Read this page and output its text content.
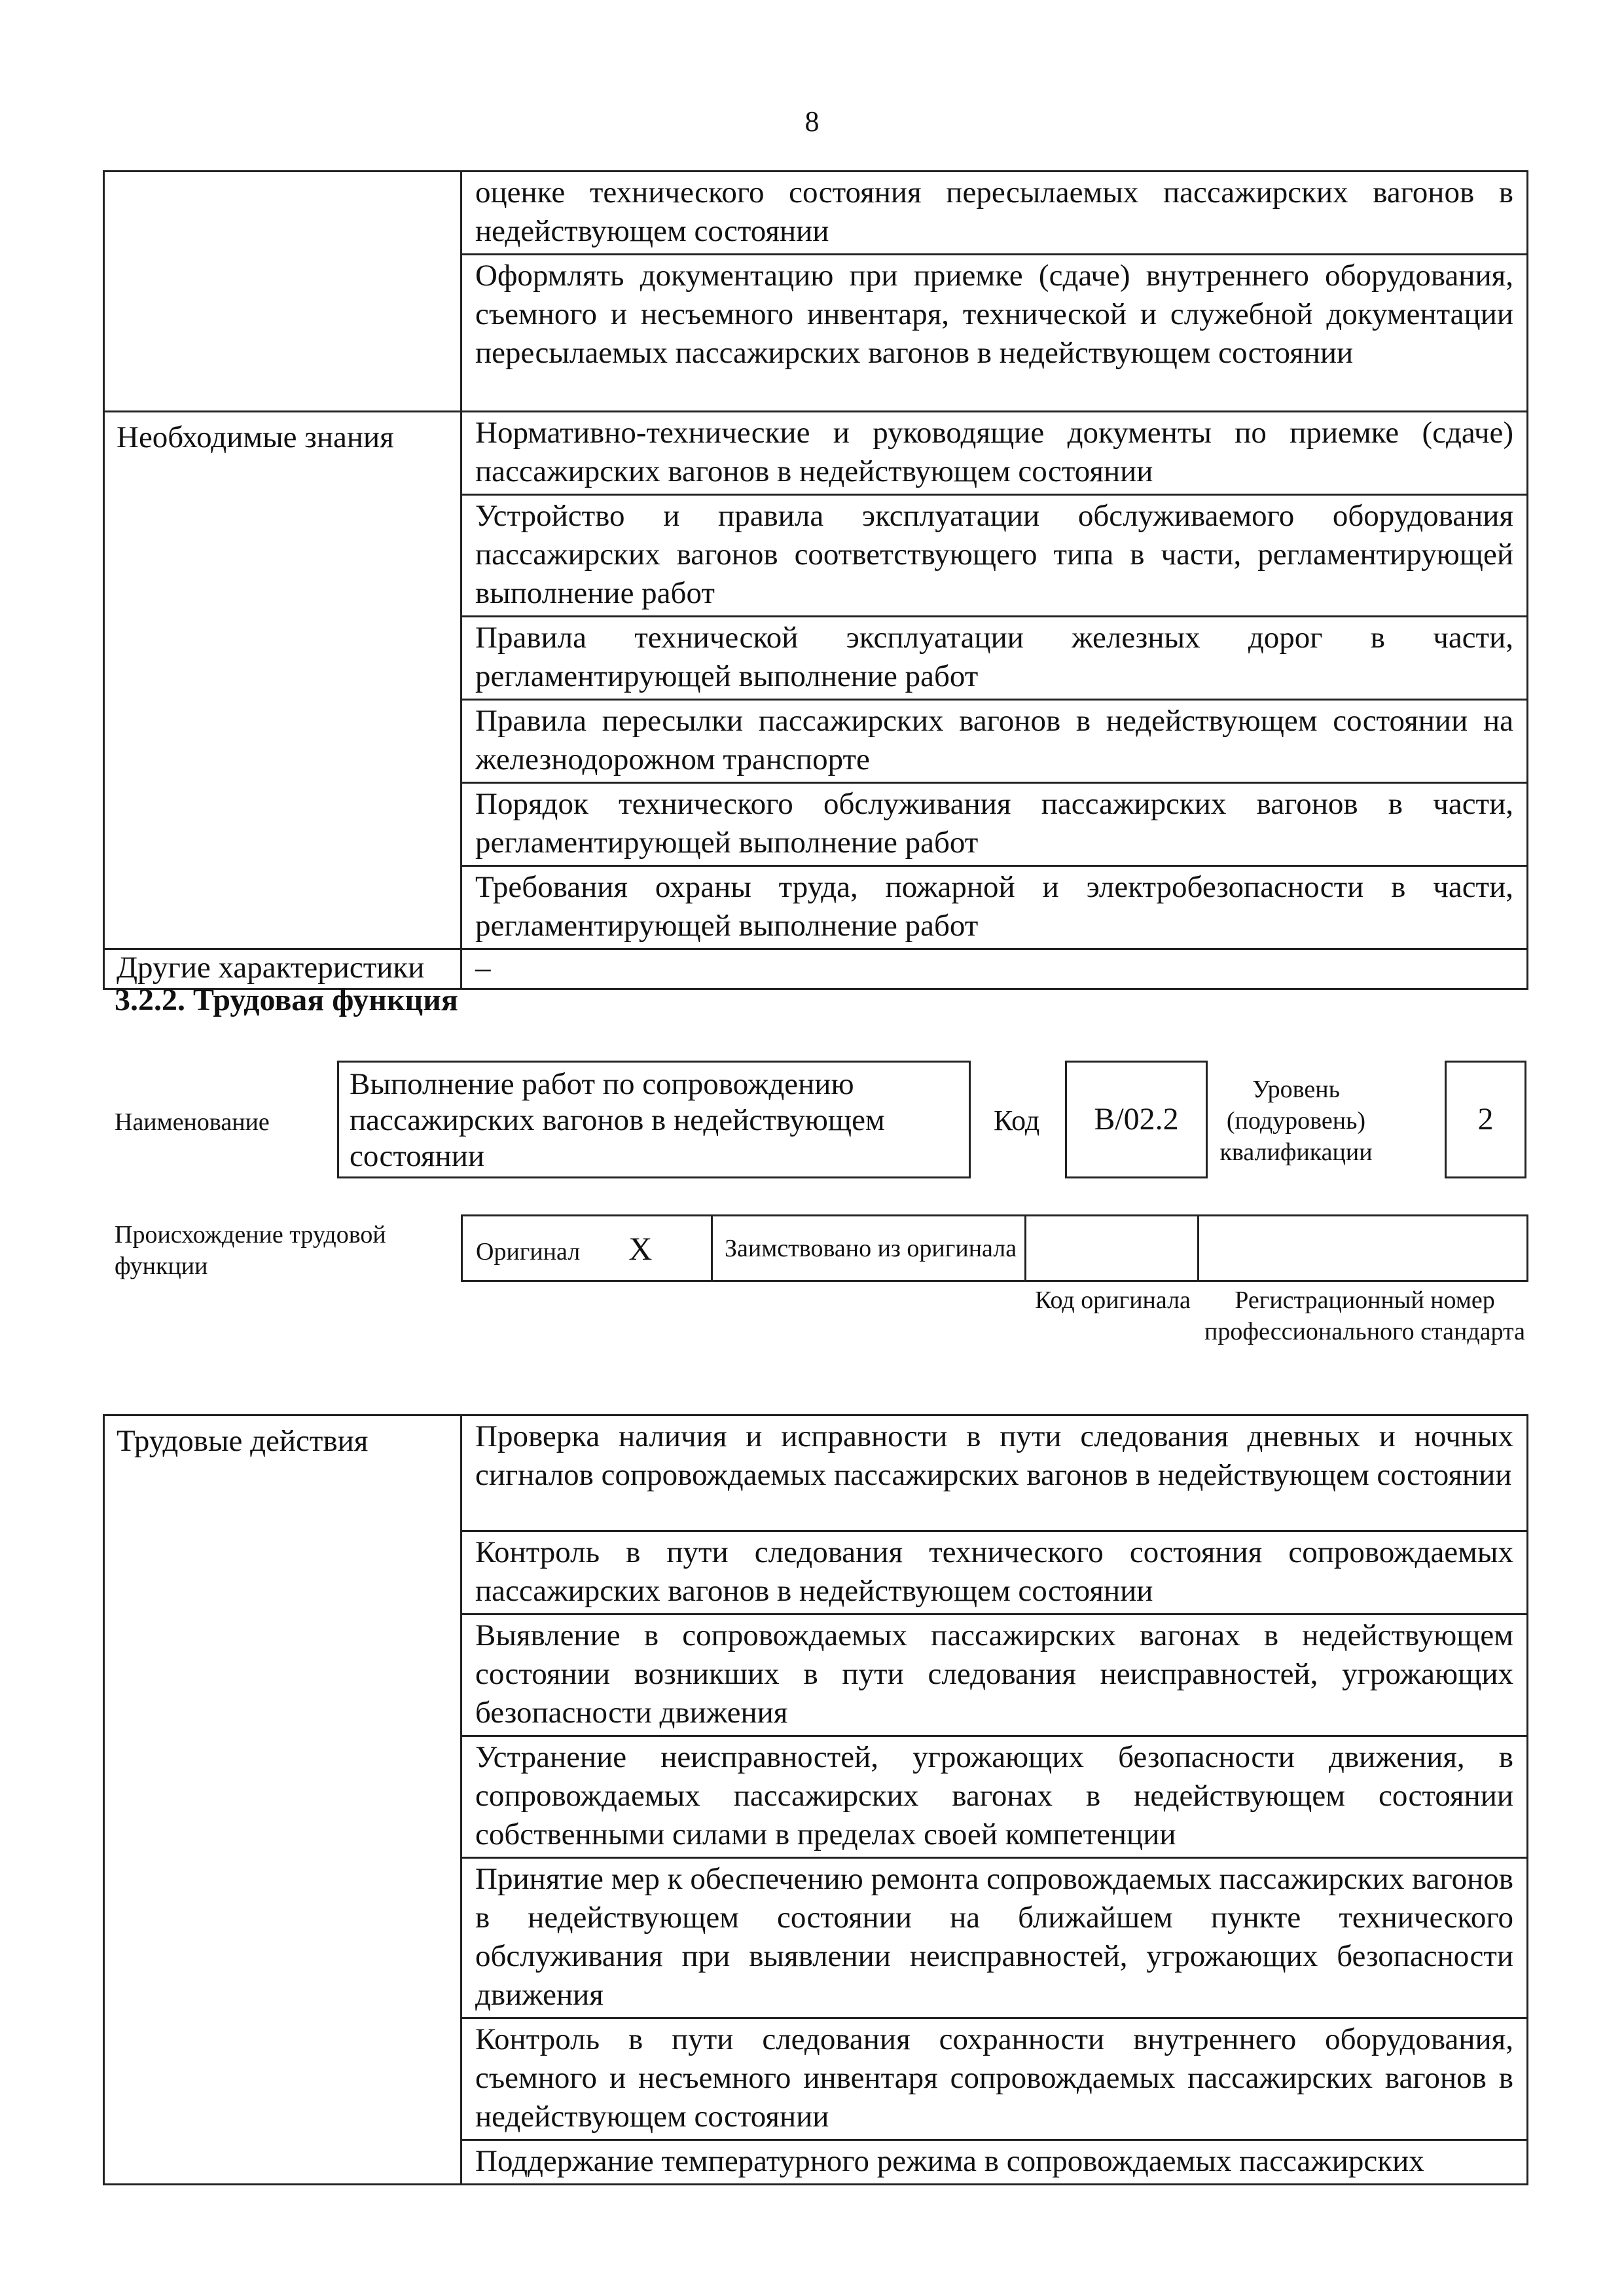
8
	оценке технического состояния пересылаемых пассажирских вагонов в недействующем состоянии
	Оформлять документацию при приемке (сдаче) внутреннего оборудования, съемного и несъемного инвентаря, технической и служебной документации пересылаемых пассажирских вагонов в недействующем состоянии
Необходимые знания	Нормативно-технические и руководящие документы по приемке (сдаче) пассажирских вагонов в недействующем состоянии
	Устройство и правила эксплуатации обслуживаемого оборудования пассажирских вагонов соответствующего типа в части, регламентирующей выполнение работ
	Правила технической эксплуатации железных дорог в части, регламентирующей выполнение работ
	Правила пересылки пассажирских вагонов в недействующем состоянии на железнодорожном транспорте
	Порядок технического обслуживания пассажирских вагонов в части, регламентирующей выполнение работ
	Требования охраны труда, пожарной и электробезопасности в части, регламентирующей выполнение работ
Другие характеристики	–
3.2.2. Трудовая функция
Наименование
Выполнение работ по сопровождению пассажирских вагонов в недействующем состоянии
Код	В/02.2
Уровень (подуровень) квалификации
2
Происхождение трудовой функции
Оригинал X	Заимствовано из оригинала		
Код оригинала	Регистрационный номер профессионального стандарта
Трудовые действия	Проверка наличия и исправности в пути следования дневных и ночных сигналов сопровождаемых пассажирских вагонов в недействующем состоянии
Контроль в пути следования технического состояния сопровождаемых пассажирских вагонов в недействующем состоянии
Выявление в сопровождаемых пассажирских вагонах в недействующем состоянии возникших в пути следования неисправностей, угрожающих безопасности движения
Устранение неисправностей, угрожающих безопасности движения, в сопровождаемых пассажирских вагонах в недействующем состоянии собственными силами в пределах своей компетенции
Принятие мер к обеспечению ремонта сопровождаемых пассажирских вагонов в недействующем состоянии на ближайшем пункте технического обслуживания при выявлении неисправностей, угрожающих безопасности движения
Контроль в пути следования сохранности внутреннего оборудования, съемного и несъемного инвентаря сопровождаемых пассажирских вагонов в недействующем состоянии
Поддержание температурного режима в сопровождаемых пассажирских
